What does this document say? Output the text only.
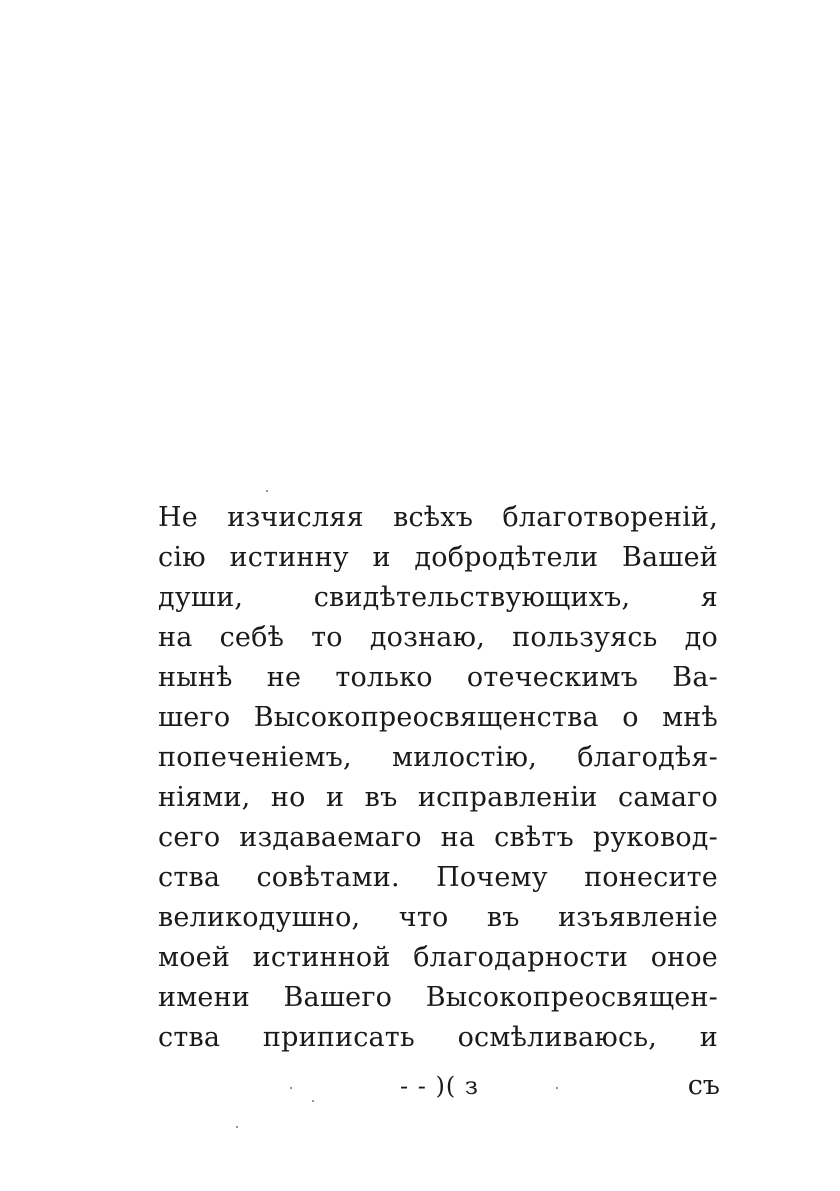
Не изчисляя всѣхъ благотвореній,
сію истинну и добродѣтели Вашей
души,	свидѣтельствующихъ,	я
на себѣ то дознаю, пользуясь до
нынѣ не только отеческимъ Ва-
шего Высокопреосвященства о мнѣ
попеченіемъ, милостію, благодѣя-
ніями, но и въ исправленіи самаго
сего издаваемаго на свѣтъ руковод-
ства совѣтами. Почему понесите
великодушно, что въ изъявленіе
моей истинной благодарности оное
имени Вашего Высокопреосвящен-
ства приписать осмѣливаюсь, и
- - )( з	съ
